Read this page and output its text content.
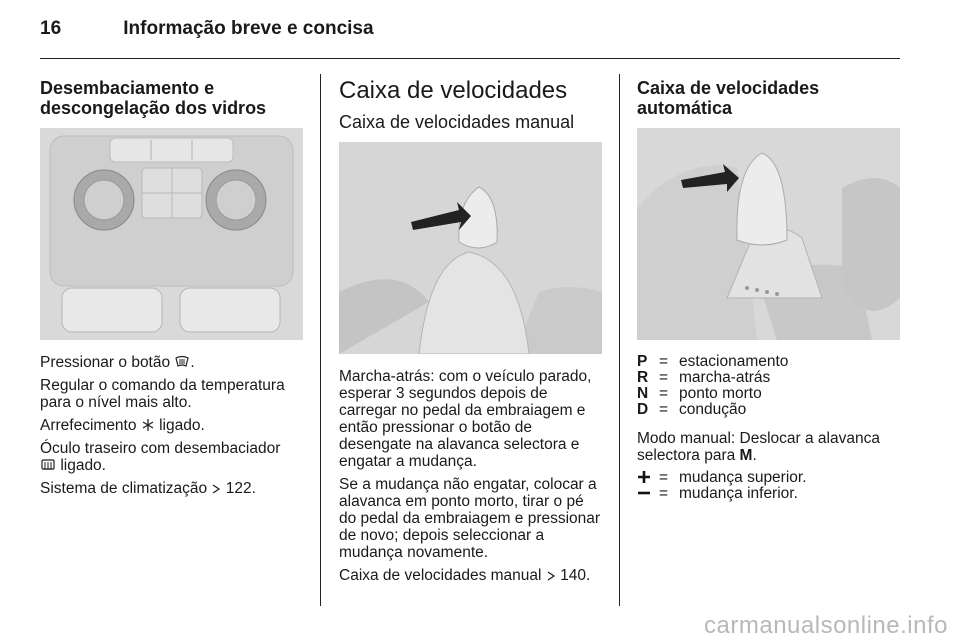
16	Informação breve e concisa
Desembaciamento e descongelação dos vidros

Pressionar o botão .

Regular o comando da temperatura para o nível mais alto.

Arrefecimento ligado.

Óculo traseiro com desembaciador
ligado.

Sistema de climatização 122.

Caixa de velocidades
Caixa de velocidades manual

Marcha-atrás: com o veículo parado, esperar 3 segundos depois de carregar no pedal da embraiagem e então pressionar o botão de desengate na alavanca selectora e engatar a mudança.

Se a mudança não engatar, colocar a alavanca em ponto morto, tirar o pé do pedal da embraiagem e pressionar de novo; depois seleccionar a mudança novamente.

Caixa de velocidades manual 140.

Caixa de velocidades automática
P = estacionamento
R = marcha-atrás
N = ponto morto
D = condução

Modo manual: Deslocar a alavanca selectora para M.

= mudança superior.
= mudança inferior.
carmanualsonline.info
